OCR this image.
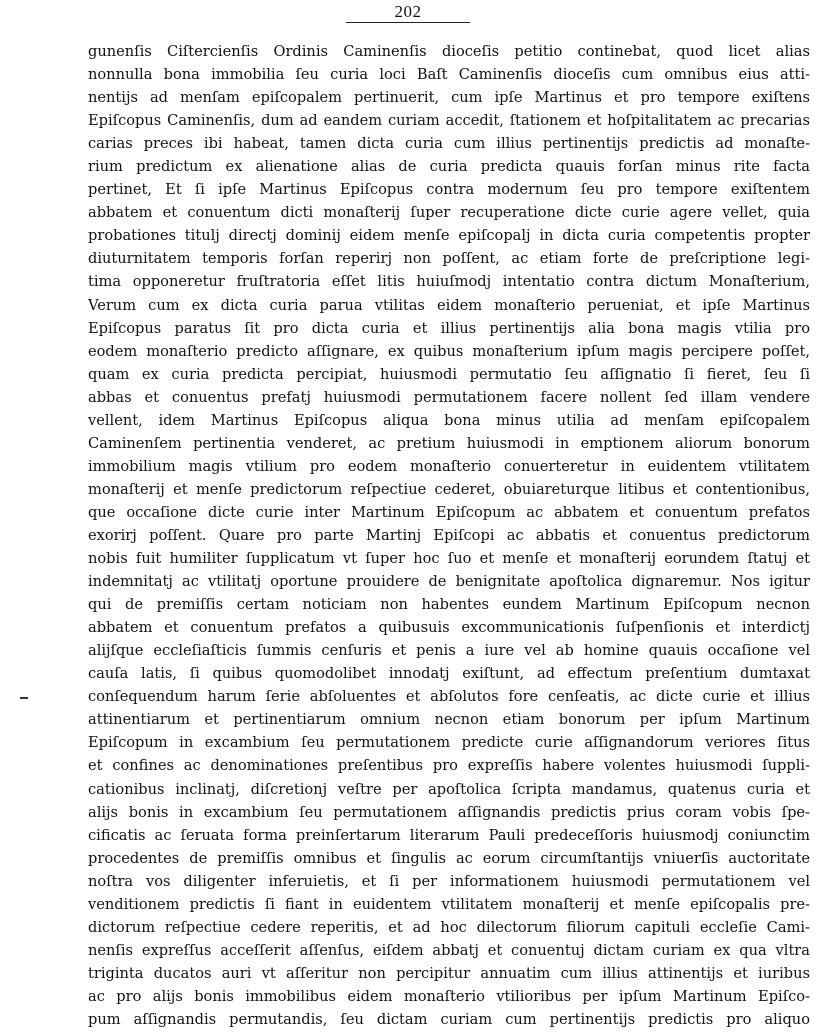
202
gunenſis Ciſtercienſis Ordinis Caminenſis dioceſis petitio continebat, quod licet alias
nonnulla bona immobilia ſeu curia loci Baſt Caminenſis dioceſis cum omnibus eius atti-
nentijs ad menſam epiſcopalem pertinuerit, cum ipſe Martinus et pro tempore exiſtens
Epiſcopus Caminenſis, dum ad eandem curiam accedit, ſtationem et hoſpitalitatem ac precarias
carias preces ibi habeat, tamen dicta curia cum illius pertinentijs predictis ad monaſte-
rium predictum ex alienatione alias de curia predicta quauis forſan minus rite facta
pertinet, Et ſi ipſe Martinus Epiſcopus contra modernum ſeu pro tempore exiſtentem
abbatem et conuentum dicti monaſterij ſuper recuperatione dicte curie agere vellet, quia
probationes titulj directj dominij eidem menſe epiſcopalj in dicta curia competentis propter
diuturnitatem temporis forſan reperirj non poſſent, ac etiam forte de preſcriptione legi-
tima opponeretur fruſtratoria eſſet litis huiuſmodj intentatio contra dictum Monaſterium,
Verum cum ex dicta curia parua vtilitas eidem monaſterio perueniat, et ipſe Martinus
Epiſcopus paratus ſit pro dicta curia et illius pertinentijs alia bona magis vtilia pro
eodem monaſterio predicto aſſignare, ex quibus monaſterium ipſum magis percipere poſſet,
quam ex curia predicta percipiat, huiusmodi permutatio ſeu aſſignatio ſi fieret, ſeu ſi
abbas et conuentus prefatj huiusmodi permutationem facere nollent ſed illam vendere
vellent, idem Martinus Epiſcopus aliqua bona minus utilia ad menſam epiſcopalem
Caminenſem pertinentia venderet, ac pretium huiusmodi in emptionem aliorum bonorum
immobilium magis vtilium pro eodem monaſterio conuerteretur in euidentem vtilitatem
monaſterij et menſe predictorum reſpectiue cederet, obuiareturque litibus et contentionibus,
que occaſione dicte curie inter Martinum Epiſcopum ac abbatem et conuentum prefatos
exorirj poſſent. Quare pro parte Martinj Epiſcopi ac abbatis et conuentus predictorum
nobis fuit humiliter ſupplicatum vt ſuper hoc ſuo et menſe et monaſterij eorundem ſtatuj et
indemnitatj ac vtilitatj oportune prouidere de benignitate apoſtolica dignaremur. Nos igitur
qui de premiſſis certam noticiam non habentes eundem Martinum Epiſcopum necnon
abbatem et conuentum prefatos a quibusuis excommunicationis ſuſpenſionis et interdictj
alijſque eccleſiaſticis ſummis cenſuris et penis a iure vel ab homine quauis occaſione vel
cauſa latis, ſi quibus quomodolibet innodatj exiſtunt, ad effectum preſentium dumtaxat
conſequendum harum ſerie abſoluentes et abſolutos fore cenſeatis, ac dicte curie et illius
attinentiarum et pertinentiarum omnium necnon etiam bonorum per ipſum Martinum
Epiſcopum in excambium ſeu permutationem predicte curie aſſignandorum veriores ſitus
et confines ac denominationes preſentibus pro expreſſis habere volentes huiusmodi ſuppli-
cationibus inclinatj, diſcretionj veſtre per apoſtolica ſcripta mandamus, quatenus curia et
alijs bonis in excambium ſeu permutationem aſſignandis predictis prius coram vobis ſpe-
cificatis ac ſeruata forma preinſertarum literarum Pauli predeceſſoris huiusmodj coniunctim
procedentes de premiſſis omnibus et ſingulis ac eorum circumſtantijs vniuerſis auctoritate
noſtra vos diligenter inferuietis, et ſi per informationem huiusmodi permutationem vel
venditionem predictis ſi fiant in euidentem vtilitatem monaſterij et menſe epiſcopalis pre-
dictorum reſpectiue cedere reperitis, et ad hoc dilectorum filiorum capituli eccleſie Cami-
nenſis expreſſus acceſſerit aſſenſus, eiſdem abbatj et conuentuj dictam curiam ex qua vltra
triginta ducatos auri vt aſſeritur non percipitur annuatim cum illius attinentijs et iuribus
ac pro alijs bonis immobilibus eidem monaſterio vtilioribus per ipſum Martinum Epiſco-
pum aſſignandis permutandis, ſeu dictam curiam cum pertinentijs predictis pro aliquo
